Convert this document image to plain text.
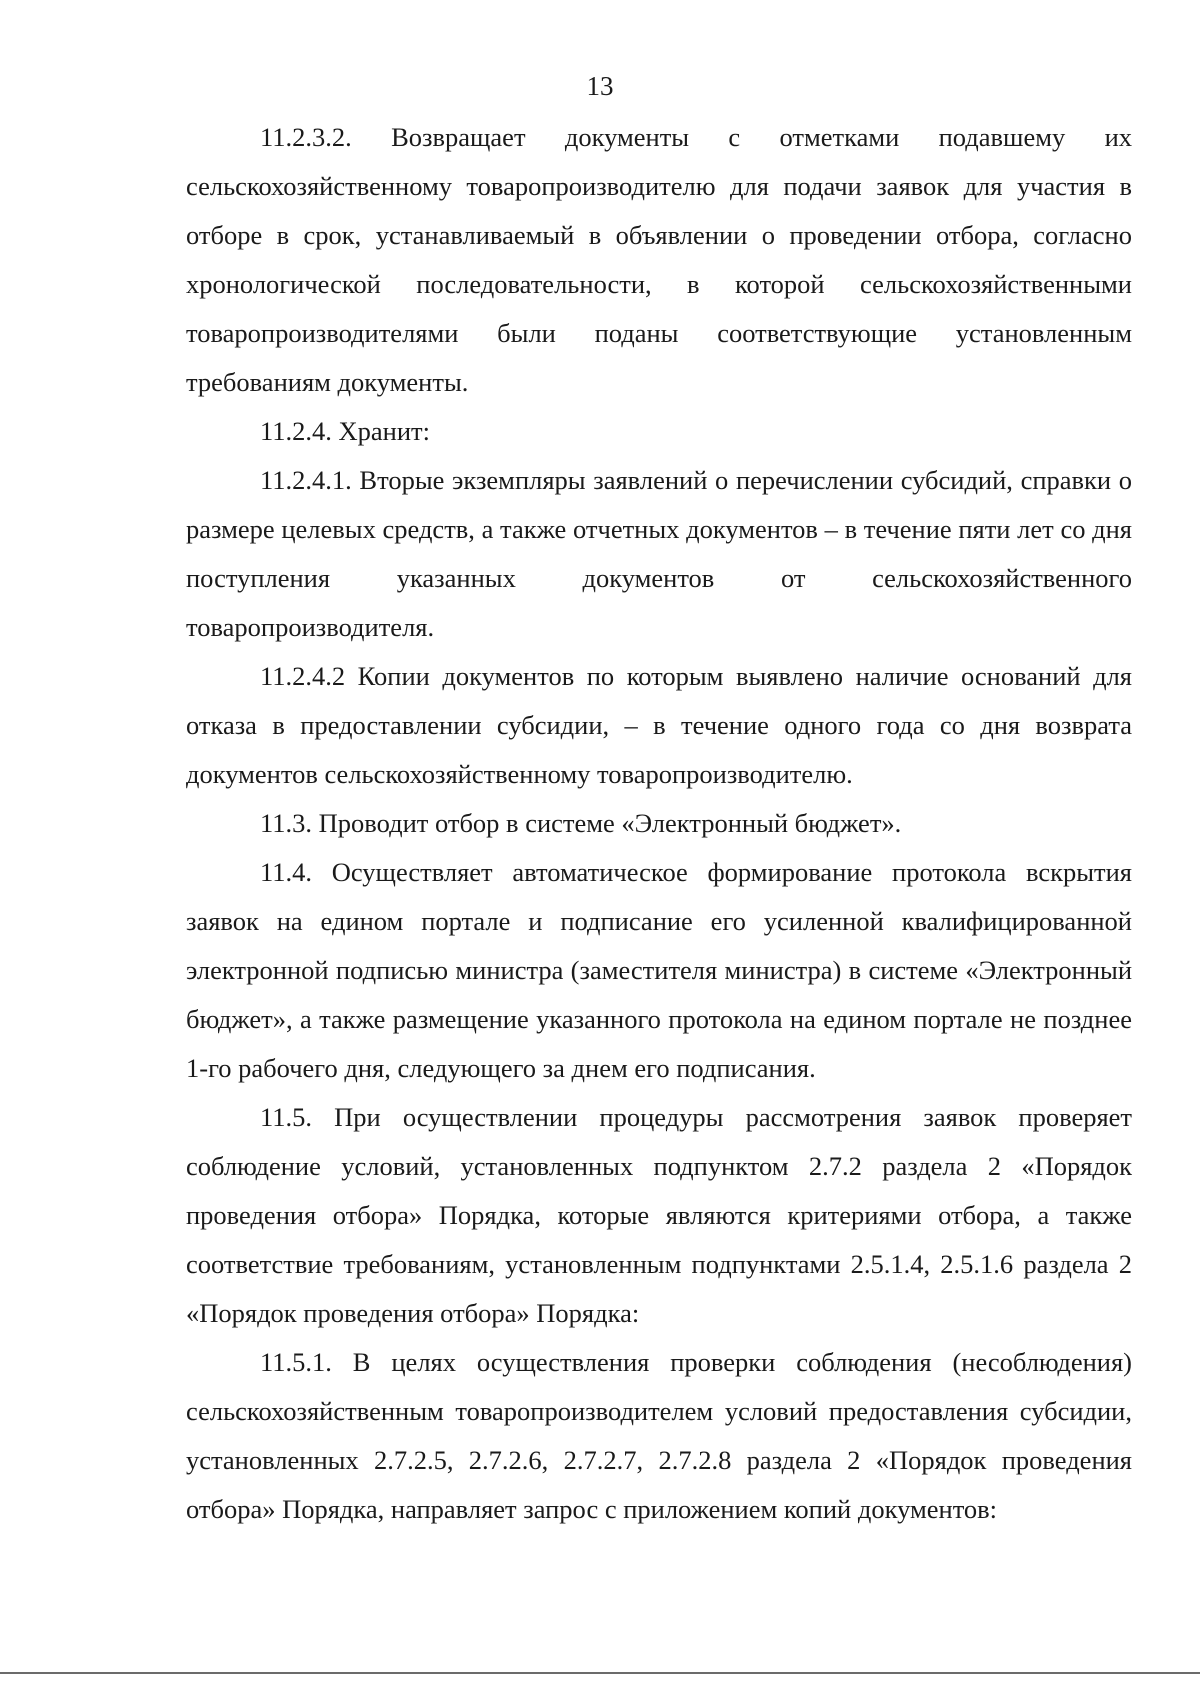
13

11.2.3.2. Возвращает документы с отметками подавшему их сельскохозяйственному товаропроизводителю для подачи заявок для участия в отборе в срок, устанавливаемый в объявлении о проведении отбора, согласно хронологической последовательности, в которой сельскохозяйственными товаропроизводителями были поданы соответствующие установленным требованиям документы.

11.2.4. Хранит:

11.2.4.1. Вторые экземпляры заявлений о перечислении субсидий, справки о размере целевых средств, а также отчетных документов – в течение пяти лет со дня поступления указанных документов от сельскохозяйственного товаропроизводителя.

11.2.4.2 Копии документов по которым выявлено наличие оснований для отказа в предоставлении субсидии, – в течение одного года со дня возврата документов сельскохозяйственному товаропроизводителю.

11.3. Проводит отбор в системе «Электронный бюджет».

11.4. Осуществляет автоматическое формирование протокола вскрытия заявок на едином портале и подписание его усиленной квалифицированной электронной подписью министра (заместителя министра) в системе «Электронный бюджет», а также размещение указанного протокола на едином портале не позднее 1-го рабочего дня, следующего за днем его подписания.

11.5. При осуществлении процедуры рассмотрения заявок проверяет соблюдение условий, установленных подпунктом 2.7.2 раздела 2 «Порядок проведения отбора» Порядка, которые являются критериями отбора, а также соответствие требованиям, установленным подпунктами 2.5.1.4, 2.5.1.6 раздела 2 «Порядок проведения отбора» Порядка:

11.5.1. В целях осуществления проверки соблюдения (несоблюдения) сельскохозяйственным товаропроизводителем условий предоставления субсидии, установленных 2.7.2.5, 2.7.2.6, 2.7.2.7, 2.7.2.8 раздела 2 «Порядок проведения отбора» Порядка, направляет запрос с приложением копий документов:
